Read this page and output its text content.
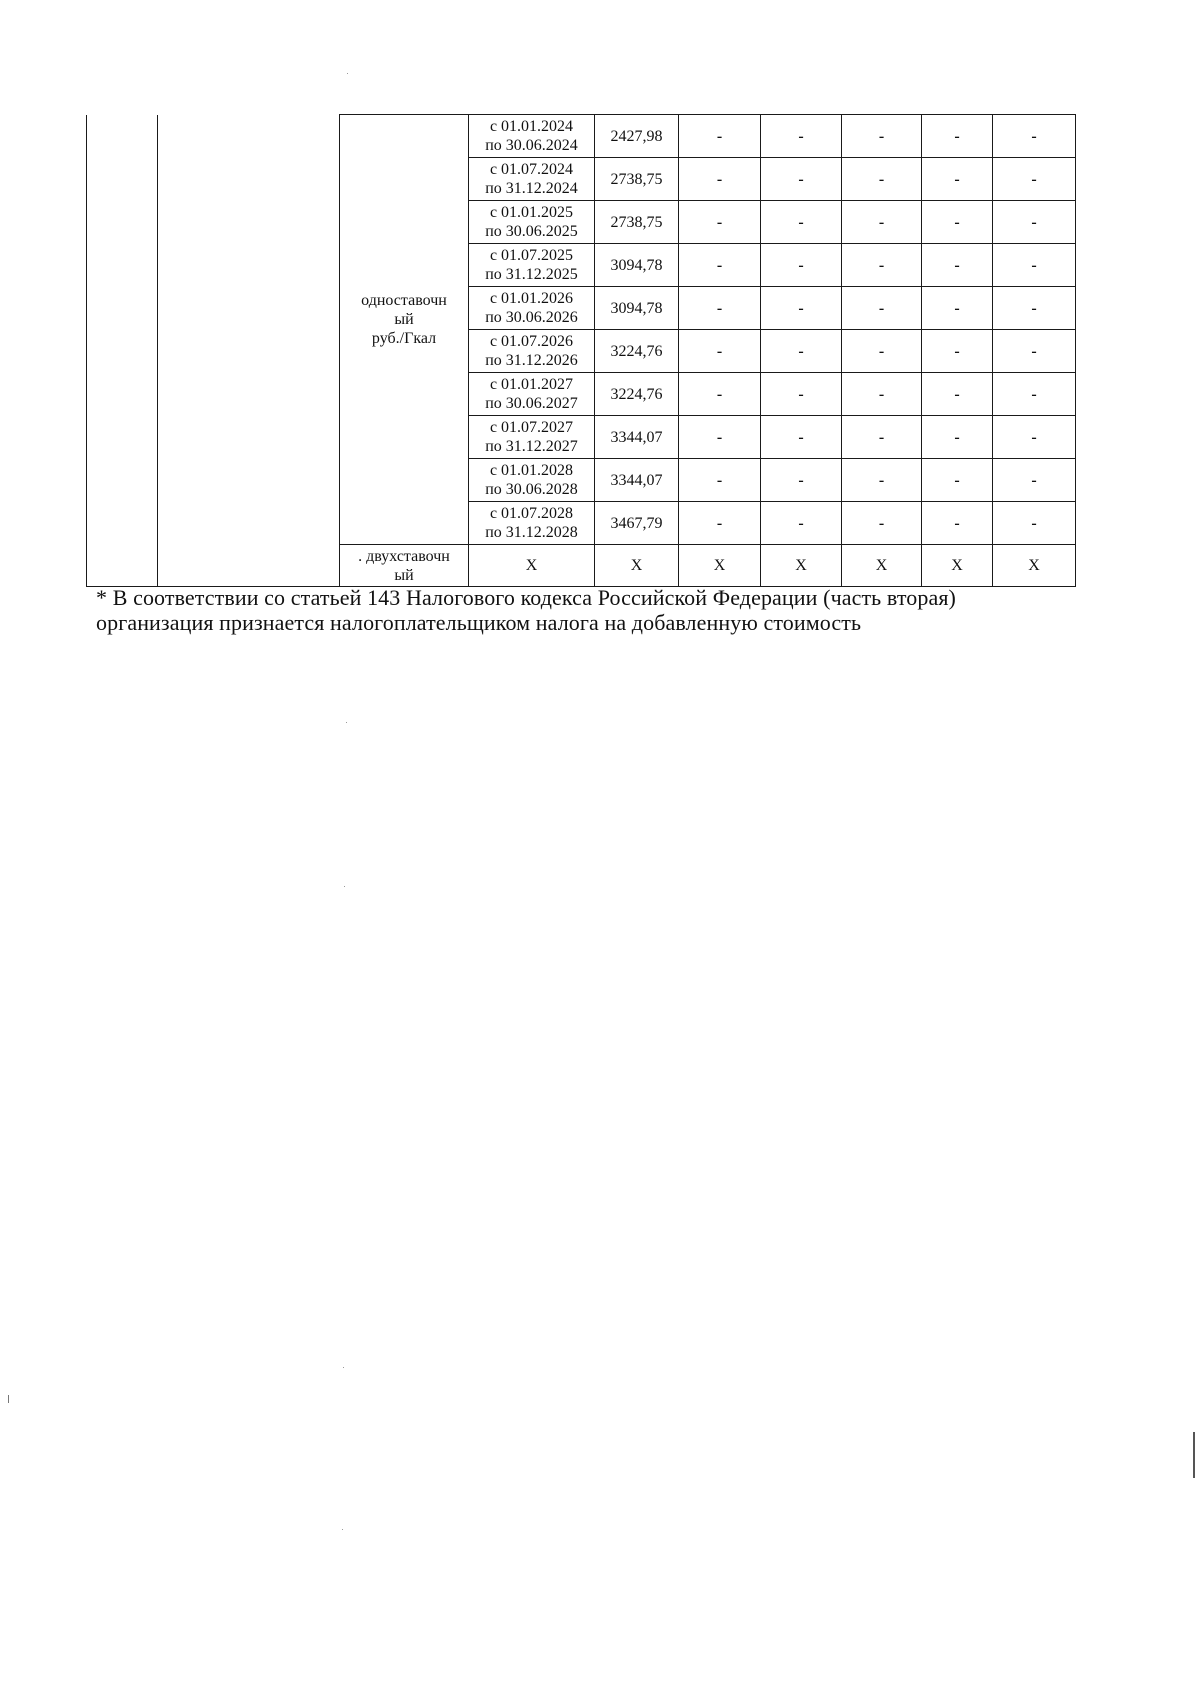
		одноставочн
ый
руб./Гкал	с 01.01.2024
по 30.06.2024	2427,98	-	-	-	-	-
			с 01.07.2024
по 31.12.2024	2738,75	-	-	-	-	-
			с 01.01.2025
по 30.06.2025	2738,75	-	-	-	-	-
			с 01.07.2025
по 31.12.2025	3094,78	-	-	-	-	-
			с 01.01.2026
по 30.06.2026	3094,78	-	-	-	-	-
			с 01.07.2026
по 31.12.2026	3224,76	-	-	-	-	-
			с 01.01.2027
по 30.06.2027	3224,76	-	-	-	-	-
			с 01.07.2027
по 31.12.2027	3344,07	-	-	-	-	-
			с 01.01.2028
по 30.06.2028	3344,07	-	-	-	-	-
			с 01.07.2028
по 31.12.2028	3467,79	-	-	-	-	-
		. двухставочн
ый	Х	Х	Х	Х	Х	Х	Х
* В соответствии со статьей 143 Налогового кодекса Российской Федерации (часть вторая)
организация признается налогоплательщиком налога на добавленную стоимость
